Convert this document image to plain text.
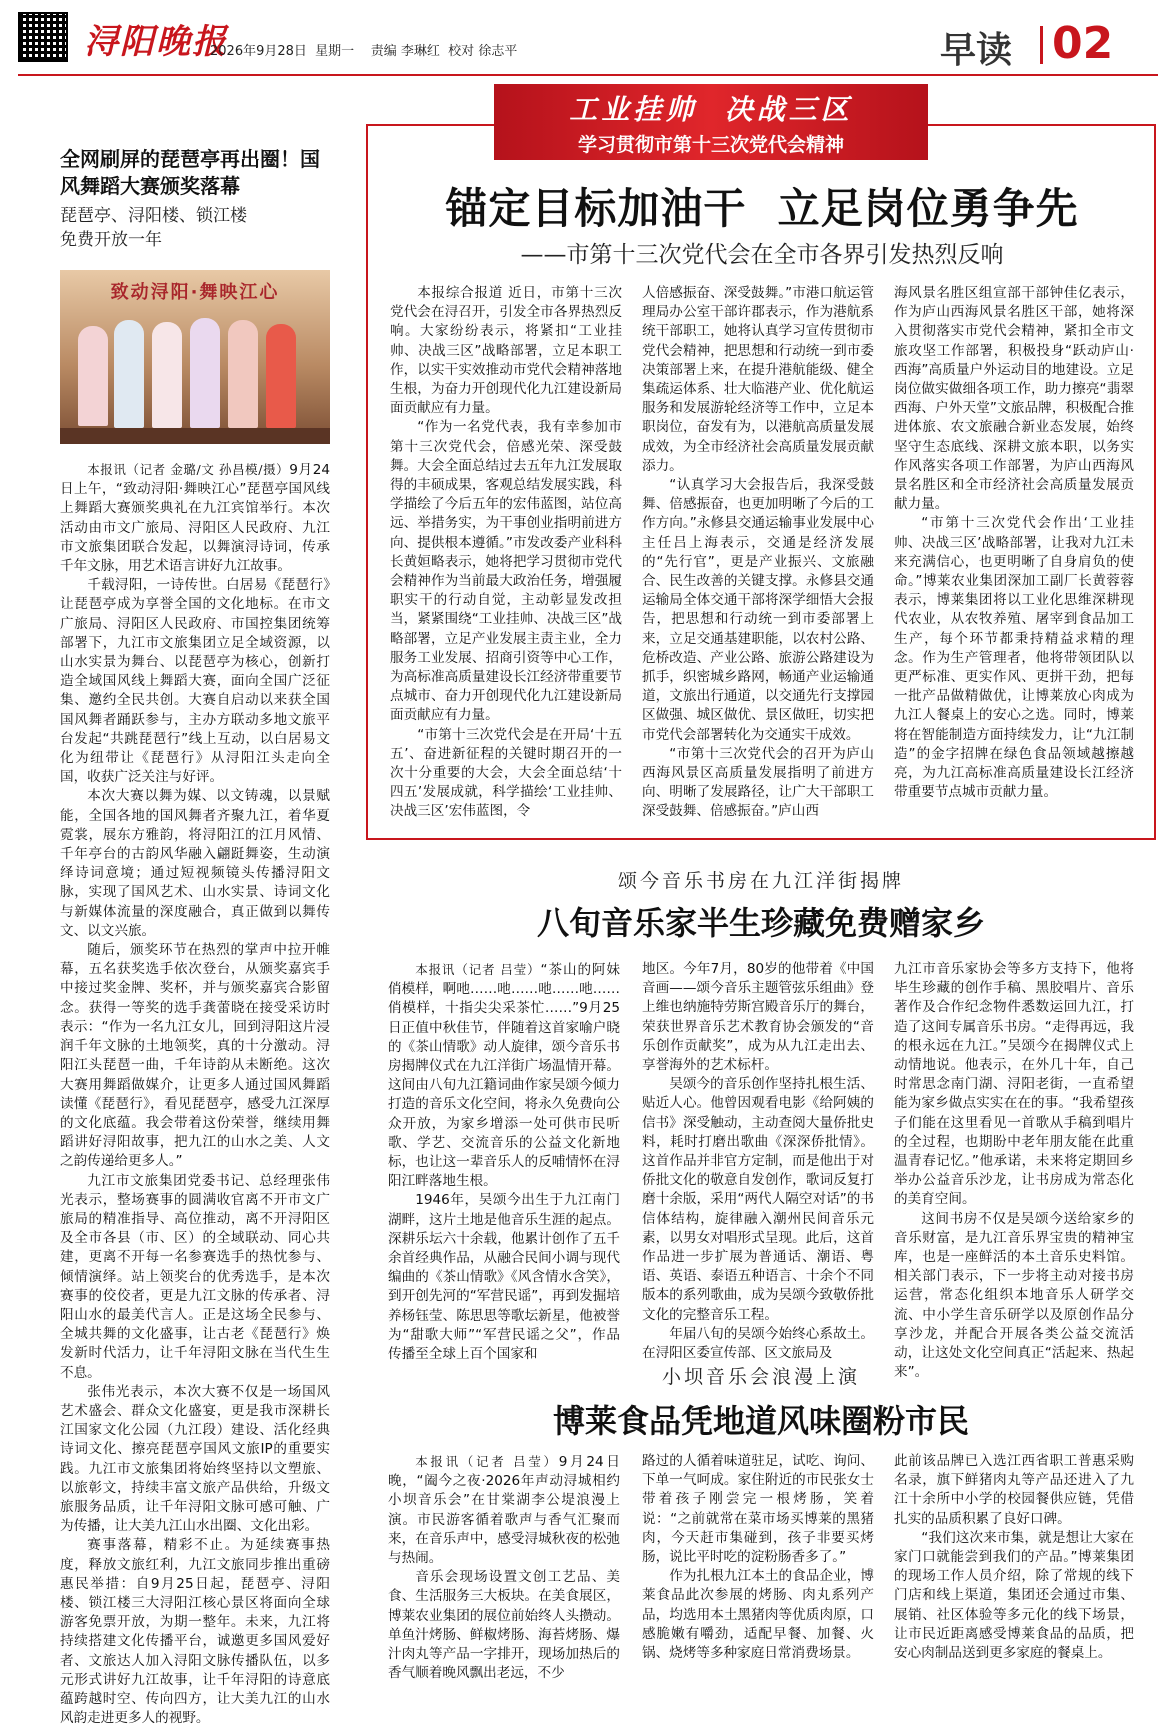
浔阳晚报
2026年9月28日 星期一 责编 李琳红 校对 徐志平	早读 02
全网刷屏的琵琶亭再出圈！国风舞蹈大赛颁奖落幕
琵琶亭、浔阳楼、锁江楼
免费开放一年
致动浔阳·舞映江心

本报讯（记者 金璐/文 孙昌模/摄）9月24日上午，“致动浔阳·舞映江心”琵琶亭国风线上舞蹈大赛颁奖典礼在九江宾馆举行。本次活动由市文广旅局、浔阳区人民政府、九江市文旅集团联合发起，以舞演浔诗词，传承千年文脉，用艺术语言讲好九江故事。

千载浔阳，一诗传世。白居易《琵琶行》让琵琶亭成为享誉全国的文化地标。在市文广旅局、浔阳区人民政府、市国控集团统筹部署下，九江市文旅集团立足全域资源，以山水实景为舞台、以琵琶亭为核心，创新打造全域国风线上舞蹈大赛，面向全国广泛征集、邀约全民共创。大赛自启动以来获全国国风舞者踊跃参与，主办方联动多地文旅平台发起“共跳琵琶行”线上互动，以白居易文化为纽带让《琵琶行》从浔阳江头走向全国，收获广泛关注与好评。

本次大赛以舞为媒、以文铸魂，以景赋能，全国各地的国风舞者齐聚九江，着华夏霓裳，展东方雅韵，将浔阳江的江月风情、千年亭台的古韵风华融入翩跹舞姿，生动演绎诗词意境；通过短视频镜头传播浔阳文脉，实现了国风艺术、山水实景、诗词文化与新媒体流量的深度融合，真正做到以舞传文、以文兴旅。

随后，颁奖环节在热烈的掌声中拉开帷幕，五名获奖选手依次登台，从颁奖嘉宾手中接过奖金牌、奖杯，并与颁奖嘉宾合影留念。获得一等奖的选手龚蕾晓在接受采访时表示：“作为一名九江女儿，回到浔阳这片浸润千年文脉的土地领奖，真的十分激动。浔阳江头琵琶一曲，千年诗韵从未断绝。这次大赛用舞蹈做媒介，让更多人通过国风舞蹈读懂《琵琶行》，看见琵琶亭，感受九江深厚的文化底蕴。我会带着这份荣誉，继续用舞蹈讲好浔阳故事，把九江的山水之美、人文之韵传递给更多人。”

九江市文旅集团党委书记、总经理张伟光表示，整场赛事的圆满收官离不开市文广旅局的精准指导、高位推动，离不开浔阳区及全市各县（市、区）的全域联动、同心共建，更离不开每一名参赛选手的热忱参与、倾情演绎。站上领奖台的优秀选手，是本次赛事的佼佼者，更是九江文脉的传承者、浔阳山水的最美代言人。正是这场全民参与、全城共舞的文化盛事，让古老《琵琶行》焕发新时代活力，让千年浔阳文脉在当代生生不息。

张伟光表示，本次大赛不仅是一场国风艺术盛会、群众文化盛宴，更是我市深耕长江国家文化公园（九江段）建设、活化经典诗词文化、擦亮琵琶亭国风文旅IP的重要实践。九江市文旅集团将始终坚持以文塑旅、以旅彰文，持续丰富文旅产品供给，升级文旅服务品质，让千年浔阳文脉可感可触、广为传播，让大美九江山水出圈、文化出彩。

赛事落幕，精彩不止。为延续赛事热度，释放文旅红利，九江文旅同步推出重磅惠民举措：自9月25日起，琵琶亭、浔阳楼、锁江楼三大浔阳江核心景区将面向全球游客免票开放，为期一整年。未来，九江将持续搭建文化传播平台，诚邀更多国风爱好者、文旅达人加入浔阳文脉传播队伍，以多元形式讲好九江故事，让千年浔阳的诗意底蕴跨越时空、传向四方，让大美九江的山水风韵走进更多人的视野。

工业挂帅  决战三区
学习贯彻市第十三次党代会精神
锚定目标加油干  立足岗位勇争先
——市第十三次党代会在全市各界引发热烈反响

本报综合报道 近日，市第十三次党代会在浔召开，引发全市各界热烈反响。大家纷纷表示，将紧扣“工业挂帅、决战三区”战略部署，立足本职工作，以实干实效推动市党代会精神落地生根，为奋力开创现代化九江建设新局面贡献应有力量。

“作为一名党代表，我有幸参加市第十三次党代会，倍感光荣、深受鼓舞。大会全面总结过去五年九江发展取得的丰硕成果，客观总结发展实践，科学描绘了今后五年的宏伟蓝图，站位高远、举措务实，为干事创业指明前进方向、提供根本遵循。”市发改委产业科科长黄姮略表示，她将把学习贯彻市党代会精神作为当前最大政治任务，增强履职实干的行动自觉，主动彰显发改担当，紧紧围绕“工业挂帅、决战三区”战略部署，立足产业发展主责主业，全力服务工业发展、招商引资等中心工作，为高标准高质量建设长江经济带重要节点城市、奋力开创现代化九江建设新局面贡献应有力量。

“市第十三次党代会是在开局‘十五五’、奋进新征程的关键时期召开的一次十分重要的大会，大会全面总结‘十四五’发展成就，科学描绘‘工业挂帅、决战三区’宏伟蓝图，令

人倍感振奋、深受鼓舞。”市港口航运管理局办公室干部许郡表示，作为港航系统干部职工，她将认真学习宣传贯彻市党代会精神，把思想和行动统一到市委决策部署上来，在提升港航能级、健全集疏运体系、壮大临港产业、优化航运服务和发展游轮经济等工作中，立足本职岗位，奋发有为，以港航高质量发展成效，为全市经济社会高质量发展贡献添力。

“认真学习大会报告后，我深受鼓舞、倍感振奋，也更加明晰了今后的工作方向。”永修县交通运输事业发展中心主任吕上海表示，交通是经济发展的“先行官”，更是产业振兴、文旅融合、民生改善的关键支撑。永修县交通运输局全体交通干部将深学细悟大会报告，把思想和行动统一到市委部署上来，立足交通基建职能，以农村公路、危桥改造、产业公路、旅游公路建设为抓手，织密城乡路网，畅通产业运输通道，文旅出行通道，以交通先行支撑园区做强、城区做优、景区做旺，切实把市党代会部署转化为交通实干成效。

“市第十三次党代会的召开为庐山西海风景区高质量发展指明了前进方向、明晰了发展路径，让广大干部职工深受鼓舞、倍感振奋。”庐山西

海风景名胜区组宣部干部钟佳亿表示，作为庐山西海风景名胜区干部，她将深入贯彻落实市党代会精神，紧扣全市文旅攻坚工作部署，积极投身“跃动庐山·西海”高质量户外运动目的地建设。立足岗位做实做细各项工作，助力擦亮“翡翠西海、户外天堂”文旅品牌，积极配合推进体旅、农文旅融合新业态发展，始终坚守生态底线、深耕文旅本职，以务实作风落实各项工作部署，为庐山西海风景名胜区和全市经济社会高质量发展贡献力量。

“市第十三次党代会作出‘工业挂帅、决战三区’战略部署，让我对九江未来充满信心，也更明晰了自身肩负的使命。”博莱农业集团深加工副厂长黄蓉蓉表示，博莱集团将以工业化思维深耕现代农业，从农牧养殖、屠宰到食品加工生产，每个环节都秉持精益求精的理念。作为生产管理者，他将带领团队以更严标准、更实作风、更拼干劲，把每一批产品做精做优，让博莱放心肉成为九江人餐桌上的安心之选。同时，博莱将在智能制造方面持续发力，让“九江制造”的金字招牌在绿色食品领域越擦越亮，为九江高标准高质量建设长江经济带重要节点城市贡献力量。

颂今音乐书房在九江洋街揭牌
八旬音乐家半生珍藏免费赠家乡

本报讯（记者 吕莹）“茶山的阿妹俏模样，啊吔……吔……吔……吔……俏模样，十指尖尖采茶忙……”9月25日正值中秋佳节，伴随着这首家喻户晓的《茶山情歌》动人旋律，颂今音乐书房揭牌仪式在九江洋街广场温情开幕。这间由八旬九江籍词曲作家吴颂今倾力打造的音乐文化空间，将永久免费向公众开放，为家乡增添一处可供市民听歌、学艺、交流音乐的公益文化新地标，也让这一辈音乐人的反哺情怀在浔阳江畔落地生根。

1946年，吴颂今出生于九江南门湖畔，这片土地是他音乐生涯的起点。深耕乐坛六十余载，他累计创作了五千余首经典作品，从融合民间小调与现代编曲的《茶山情歌》《风含情水含笑》，到开创先河的“军营民谣”，再到发掘培养杨钰莹、陈思思等歌坛新星，他被誉为“甜歌大师”“军营民谣之父”，作品传播至全球上百个国家和

地区。今年7月，80岁的他带着《中国音画——颂今音乐主题管弦乐组曲》登上维也纳施特劳斯宫殿音乐厅的舞台，荣获世界音乐艺术教育协会颁发的“音乐创作贡献奖”，成为从九江走出去、享誉海外的艺术标杆。

吴颂今的音乐创作坚持扎根生活、贴近人心。他曾因观看电影《给阿姨的信书》深受触动，主动查阅大量侨批史料，耗时打磨出歌曲《深深侨批情》。这首作品并非官方定制，而是他出于对侨批文化的敬意自发创作，歌词反复打磨十余版，采用“两代人隔空对话”的书信体结构，旋律融入潮州民间音乐元素，以男女对唱形式呈现。此后，这首作品进一步扩展为普通话、潮语、粤语、英语、泰语五种语言、十余个不同版本的系列歌曲，成为吴颂今致敬侨批文化的完整音乐工程。

年届八旬的吴颂今始终心系故土。在浔阳区委宣传部、区文旅局及

九江市音乐家协会等多方支持下，他将毕生珍藏的创作手稿、黑胶唱片、音乐著作及合作纪念物件悉数运回九江，打造了这间专属音乐书房。“走得再远，我的根永远在九江。”吴颂今在揭牌仪式上动情地说。他表示，在外几十年，自己时常思念南门湖、浔阳老街，一直希望能为家乡做点实实在在的事。“我希望孩子们能在这里看见一首歌从手稿到唱片的全过程，也期盼中老年朋友能在此重温青春记忆。”他承诺，未来将定期回乡举办公益音乐沙龙，让书房成为常态化的美育空间。

这间书房不仅是吴颂今送给家乡的音乐财富，是九江音乐界宝贵的精神宝库，也是一座鲜活的本土音乐史料馆。相关部门表示，下一步将主动对接书房运营，常态化组织本地音乐人研学交流、中小学生音乐研学以及原创作品分享沙龙，并配合开展各类公益交流活动，让这处文化空间真正“活起来、热起来”。

小坝音乐会浪漫上演
博莱食品凭地道风味圈粉市民

本报讯（记者 吕莹）9月24日晚，“阖今之夜·2026年声动浔城相约小坝音乐会”在甘棠湖李公堤浪漫上演。市民游客循着歌声与香气汇聚而来，在音乐声中，感受浔城秋夜的松弛与热闹。

音乐会现场设置文创工艺品、美食、生活服务三大板块。在美食展区，博莱农业集团的展位前始终人头攒动。单鱼汁烤肠、鲜椒烤肠、海苔烤肠、爆汁肉丸等产品一字排开，现场加热后的香气顺着晚风飘出老远，不少

路过的人循着味道驻足，试吃、询问、下单一气呵成。家住附近的市民张女士带着孩子刚尝完一根烤肠，笑着说：“之前就常在菜市场买博莱的黑猪肉，今天赶市集碰到，孩子非要买烤肠，说比平时吃的淀粉肠香多了。”

作为扎根九江本土的食品企业，博莱食品此次参展的烤肠、肉丸系列产品，均选用本土黑猪肉等优质肉原，口感脆嫩有嚼劲，适配早餐、加餐、火锅、烧烤等多种家庭日常消费场景。

此前该品牌已入选江西省职工普惠采购名录，旗下鲜猪肉丸等产品还进入了九江十余所中小学的校园餐供应链，凭借扎实的品质积累了良好口碑。

“我们这次来市集，就是想让大家在家门口就能尝到我们的产品。”博莱集团的现场工作人员介绍，除了常规的线下门店和线上渠道，集团还会通过市集、展销、社区体验等多元化的线下场景，让市民近距离感受博莱食品的品质，把安心肉制品送到更多家庭的餐桌上。
